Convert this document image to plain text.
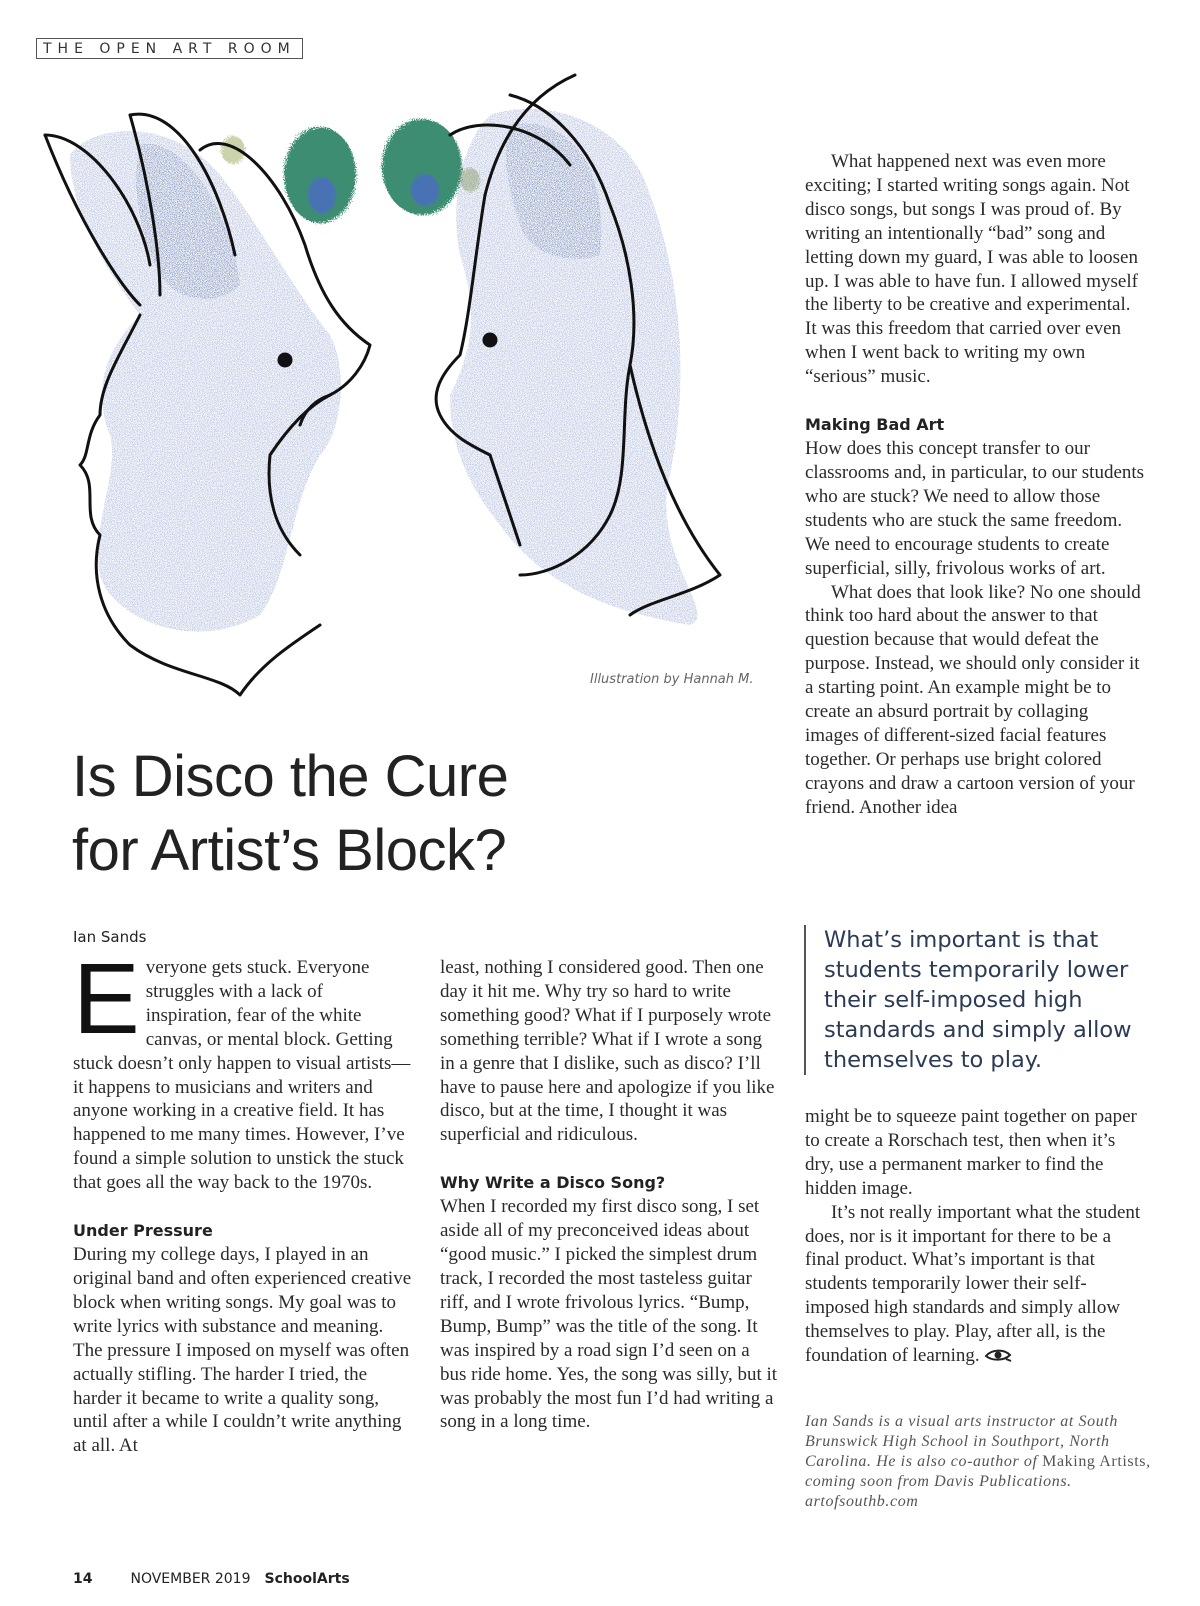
THE OPEN ART ROOM
Illustration by Hannah M.
Is Disco the Cure
for Artist’s Block?
Ian Sands

Everyone gets stuck. Everyone struggles with a lack of inspiration, fear of the white canvas, or mental block. Getting stuck doesn’t only happen to visual artists—it happens to musicians and writers and anyone working in a creative field. It has happened to me many times. However, I’ve found a simple solution to unstick the stuck that goes all the way back to the 1970s.

Under Pressure

During my college days, I played in an original band and often experienced creative block when writing songs. My goal was to write lyrics with substance and meaning. The pressure I imposed on myself was often actually stifling. The harder I tried, the harder it became to write a quality song, until after a while I couldn’t write anything at all. At

least, nothing I considered good. Then one day it hit me. Why try so hard to write something good? What if I purposely wrote something terrible? What if I wrote a song in a genre that I dislike, such as disco? I’ll have to pause here and apologize if you like disco, but at the time, I thought it was superficial and ridiculous.

Why Write a Disco Song?

When I recorded my first disco song, I set aside all of my preconceived ideas about “good music.” I picked the simplest drum track, I recorded the most tasteless guitar riff, and I wrote frivolous lyrics. “Bump, Bump, Bump” was the title of the song. It was inspired by a road sign I’d seen on a bus ride home. Yes, the song was silly, but it was probably the most fun I’d had writing a song in a long time.

What happened next was even more exciting; I started writing songs again. Not disco songs, but songs I was proud of. By writing an intentionally “bad” song and letting down my guard, I was able to loosen up. I was able to have fun. I allowed myself the liberty to be creative and experimental. It was this freedom that carried over even when I went back to writing my own “serious” music.

Making Bad Art

How does this concept transfer to our classrooms and, in particular, to our students who are stuck? We need to allow those students who are stuck the same freedom. We need to encourage students to create superficial, silly, frivolous works of art.

What does that look like? No one should think too hard about the answer to that question because that would defeat the purpose. Instead, we should only consider it a starting point. An example might be to create an absurd portrait by collaging images of different-sized facial features together. Or perhaps use bright colored crayons and draw a cartoon version of your friend. Another idea

What’s important is that students temporarily lower their self-imposed high standards and simply allow themselves to play.

might be to squeeze paint together on paper to create a Rorschach test, then when it’s dry, use a permanent marker to find the hidden image.

It’s not really important what the student does, nor is it important for there to be a final product. What’s important is that students temporarily lower their self-imposed high standards and simply allow themselves to play. Play, after all, is the foundation of learning.

Ian Sands is a visual arts instructor at South Brunswick High School in Southport, North Carolina. He is also co-author of Making Artists, coming soon from Davis Publications. artofsouthb.com
14	NOVEMBER 2019 SchoolArts
